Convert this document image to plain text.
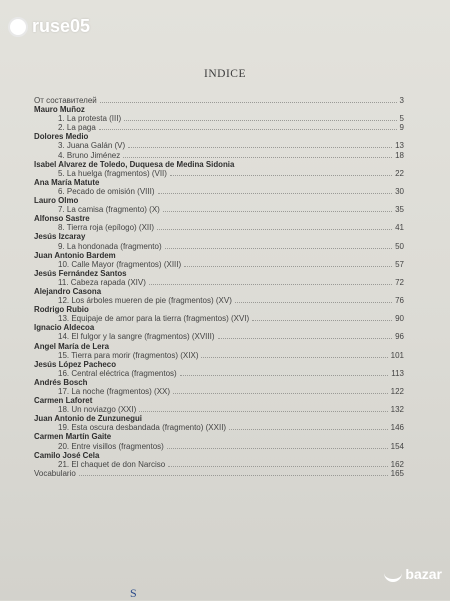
ruse05
INDICE
От составителей	3
Mauro Muñoz
1. La protesta (III)	5
2. La paga	9
Dolores Medio
3. Juana Galán (V)	13
4. Bruno Jiménez	18
Isabel Alvarez de Toledo, Duquesa de Medina Sidonia
5. La huelga (fragmentos) (VII)	22
Ana María Matute
6. Pecado de omisión (VIII)	30
Lauro Olmo
7. La camisa (fragmento) (X)	35
Alfonso Sastre
8. Tierra roja (epílogo) (XII)	41
Jesús Izcaray
9. La hondonada (fragmento)	50
Juan Antonio Bardem
10. Calle Mayor (fragmentos) (XIII)	57
Jesús Fernández Santos
11. Cabeza rapada (XIV)	72
Alejandro Casona
12. Los árboles mueren de pie (fragmentos) (XV)	76
Rodrigo Rubio
13. Equipaje de amor para la tierra (fragmentos) (XVI)	90
Ignacio Aldecoa
14. El fulgor y la sangre (fragmentos) (XVIII)	96
Angel María de Lera
15. Tierra para morir (fragmentos) (XIX)	101
Jesús López Pacheco
16. Central eléctrica (fragmentos)	113
Andrés Bosch
17. La noche (fragmentos) (XX)	122
Carmen Laforet
18. Un noviazgo (XXI)	132
Juan Antonio de Zunzunegui
19. Esta oscura desbandada (fragmento) (XXII)	146
Carmen Martín Gaite
20. Entre visillos (fragmentos)	154
Camilo José Cela
21. El chaquet de don Narciso	162
Vocabulario	165
S
bazar
